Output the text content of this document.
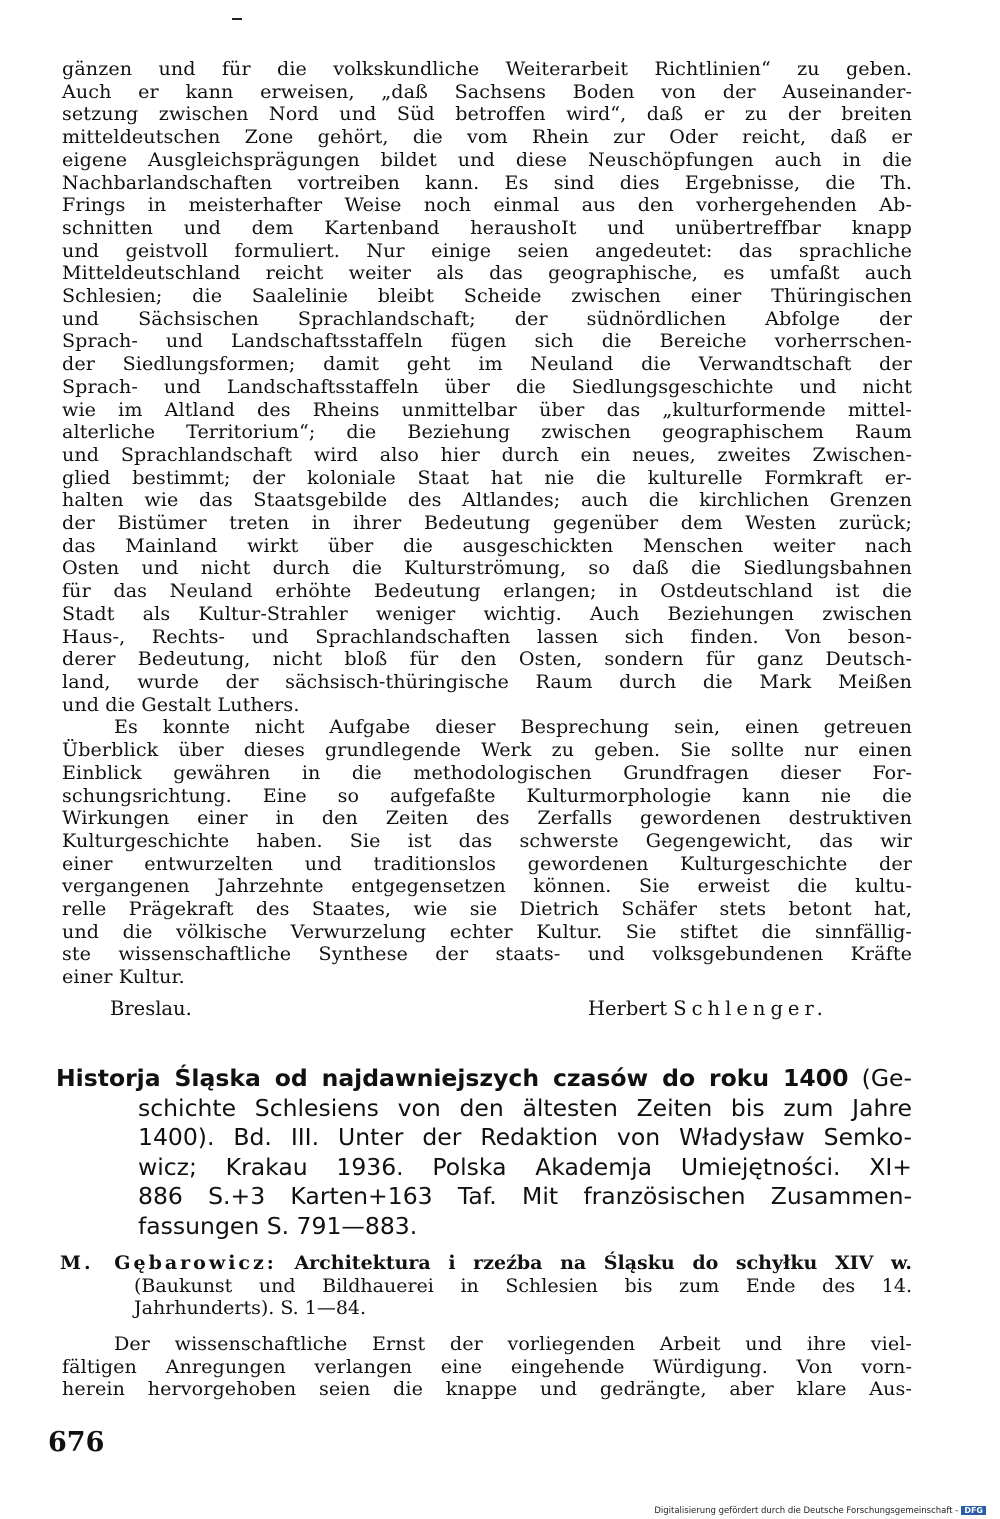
gänzen und für die volkskundliche Weiterarbeit Richtlinien“ zu geben.
Auch er kann erweisen, „daß Sachsens Boden von der Auseinander-
setzung zwischen Nord und Süd betroffen wird“, daß er zu der breiten
mitteldeutschen Zone gehört, die vom Rhein zur Oder reicht, daß er
eigene Ausgleichsprägungen bildet und diese Neuschöpfungen auch in die
Nachbarlandschaften vortreiben kann. Es sind dies Ergebnisse, die Th.
Frings in meisterhafter Weise noch einmal aus den vorhergehenden Ab-
schnitten und dem Kartenband heraushoIt und unübertreffbar knapp
und geistvoll formuliert. Nur einige seien angedeutet: das sprachliche
Mitteldeutschland reicht weiter als das geographische, es umfaßt auch
Schlesien; die Saalelinie bleibt Scheide zwischen einer Thüringischen
und Sächsischen Sprachlandschaft; der südnördlichen Abfolge der
Sprach- und Landschaftsstaffeln fügen sich die Bereiche vorherrschen-
der Siedlungsformen; damit geht im Neuland die Verwandtschaft der
Sprach- und Landschaftsstaffeln über die Siedlungsgeschichte und nicht
wie im Altland des Rheins unmittelbar über das „kulturformende mittel-
alterliche Territorium“; die Beziehung zwischen geographischem Raum
und Sprachlandschaft wird also hier durch ein neues, zweites Zwischen-
glied bestimmt; der koloniale Staat hat nie die kulturelle Formkraft er-
halten wie das Staatsgebilde des Altlandes; auch die kirchlichen Grenzen
der Bistümer treten in ihrer Bedeutung gegenüber dem Westen zurück;
das Mainland wirkt über die ausgeschickten Menschen weiter nach
Osten und nicht durch die Kulturströmung, so daß die Siedlungsbahnen
für das Neuland erhöhte Bedeutung erlangen; in Ostdeutschland ist die
Stadt als Kultur-Strahler weniger wichtig. Auch Beziehungen zwischen
Haus-, Rechts- und Sprachlandschaften lassen sich finden. Von beson-
derer Bedeutung, nicht bloß für den Osten, sondern für ganz Deutsch-
land, wurde der sächsisch-thüringische Raum durch die Mark Meißen
und die Gestalt Luthers.
Es konnte nicht Aufgabe dieser Besprechung sein, einen getreuen
Überblick über dieses grundlegende Werk zu geben. Sie sollte nur einen
Einblick gewähren in die methodologischen Grundfragen dieser For-
schungsrichtung. Eine so aufgefaßte Kulturmorphologie kann nie die
Wirkungen einer in den Zeiten des Zerfalls gewordenen destruktiven
Kulturgeschichte haben. Sie ist das schwerste Gegengewicht, das wir
einer entwurzelten und traditionslos gewordenen Kulturgeschichte der
vergangenen Jahrzehnte entgegensetzen können. Sie erweist die kultu-
relle Prägekraft des Staates, wie sie Dietrich Schäfer stets betont hat,
und die völkische Verwurzelung echter Kultur. Sie stiftet die sinnfällig-
ste wissenschaftliche Synthese der staats- und volksgebundenen Kräfte
einer Kultur.
Breslau.	Herbert Schlenger.
Historja Śląska od najdawniejszych czasów do roku 1400 (Ge-
schichte Schlesiens von den ältesten Zeiten bis zum Jahre
1400). Bd. III. Unter der Redaktion von Władysław Semko-
wicz; Krakau 1936. Polska Akademja Umiejętności. XI+
886 S.+3 Karten+163 Taf. Mit französischen Zusammen-
fassungen S. 791—883.
M. Gębarowicz: Architektura i rzeźba na Śląsku do schyłku XIV w.
(Baukunst und Bildhauerei in Schlesien bis zum Ende des 14.
Jahrhunderts). S. 1—84.
Der wissenschaftliche Ernst der vorliegenden Arbeit und ihre viel-
fältigen Anregungen verlangen eine eingehende Würdigung. Von vorn-
herein hervorgehoben seien die knappe und gedrängte, aber klare Aus-
676
Digitalisierung gefördert durch die Deutsche Forschungsgemeinschaft - DFG
